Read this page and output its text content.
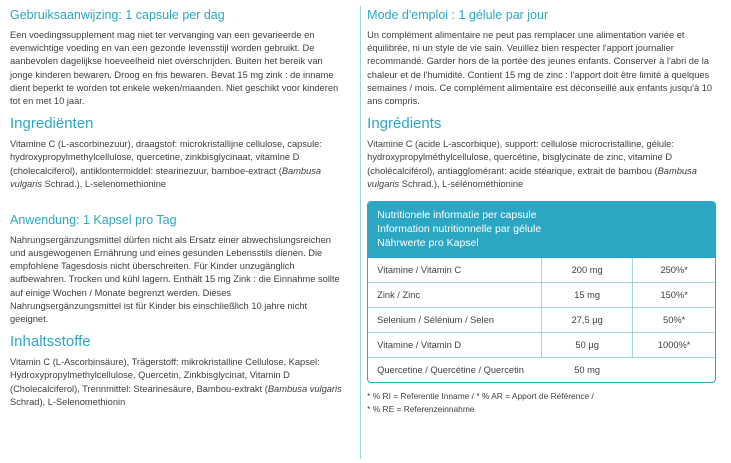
Gebruiksaanwijzing: 1 capsule per dag

Een voedingssupplement mag niet ter vervanging van een gevarieerde en evenwichtige voeding en van een gezonde levensstijl worden gebruikt. De aanbevolen dagelijkse hoeveelheid niet overschrijden. Buiten het bereik van jonge kinderen bewaren. Droog en fris bewaren. Bevat 15 mg zink : de inname dient beperkt te worden tot enkele weken/maanden. Niet geschikt voor kinderen tot en met 10 jaar.

Ingrediënten

Vitamine C (L-ascorbinezuur), draagstof: microkristallijne cellulose, capsule: hydroxypropylmethylcellulose, quercetine, zinkbisglycinaat, vitamine D (cholecalciferol), antiklontermiddel: stearinezuur, bamboe-extract (Bambusa vulgaris Schrad.), L-selenomethionine

Anwendung: 1 Kapsel pro Tag

Nahrungsergänzungsmittel dürfen nicht als Ersatz einer abwechslungsreichen und ausgewogenen Ernährung und eines gesunden Lebensstils dienen. Die empfohlene Tagesdosis nicht überschreiten. Für Kinder unzugänglich aufbewahren. Trocken und kühl lagern. Enthält 15 mg Zink : die Einnahme sollte auf einige Wochen / Monate begrenzt werden. Dieses Nahrungsergänzungsmittel ist für Kinder bis einschließlich 10 jahre nicht geeignet.

Inhaltsstoffe

Vitamin C (L-Ascorbinsäure), Trägerstoff: mikrokristalline Cellulose, Kapsel: Hydroxypropylmethylcellulose, Quercetin, Zinkbisglycinat, Vitamin D (Cholecalciferol), Trennmittel: Stearinesäure, Bambou-extrakt (Bambusa vulgaris Schrad), L-Selenomethionin

Mode d'emploi : 1 gélule par jour

Un complément alimentaire ne peut pas remplacer une alimentation variée et équilibrée, ni un style de vie sain. Veuillez bien respecter l'apport journalier recommandé. Garder hors de la portée des jeunes enfants. Conserver à l'abri de la chaleur et de l'humidité. Contient 15 mg de zinc : l'apport doit être limité à quelques semaines / mois. Ce complément alimentaire est déconseillé aux enfants jusqu'à 10 ans compris.

Ingrédients

Vitamine C (acide L-ascorbique), support: cellulose microcristalline, gélule: hydroxypropylméthylcellulose, quercétine, bisglycinate de zinc, vitamine D (cholécalciférol), antiagglomérant: acide stéarique, extrait de bambou (Bambusa vulgaris Schrad.), L-sélénométhionine

Nutritionele informatie per capsule
Information nutritionnelle par gélule
Nährwerte pro Kapsel
Vitamine / Vitamin C	200 mg	250%*
Zink / Zinc	15 mg	150%*
Selenium / Sélénium / Selen	27,5 µg	50%*
Vitamine / Vitamin D	50 µg	1000%*
Quercetine / Quercétine / Quercetin	50 mg	
* % RI = Referentie Inname / * % AR = Apport de Référence /
* % RE = Referenzeinnahme
